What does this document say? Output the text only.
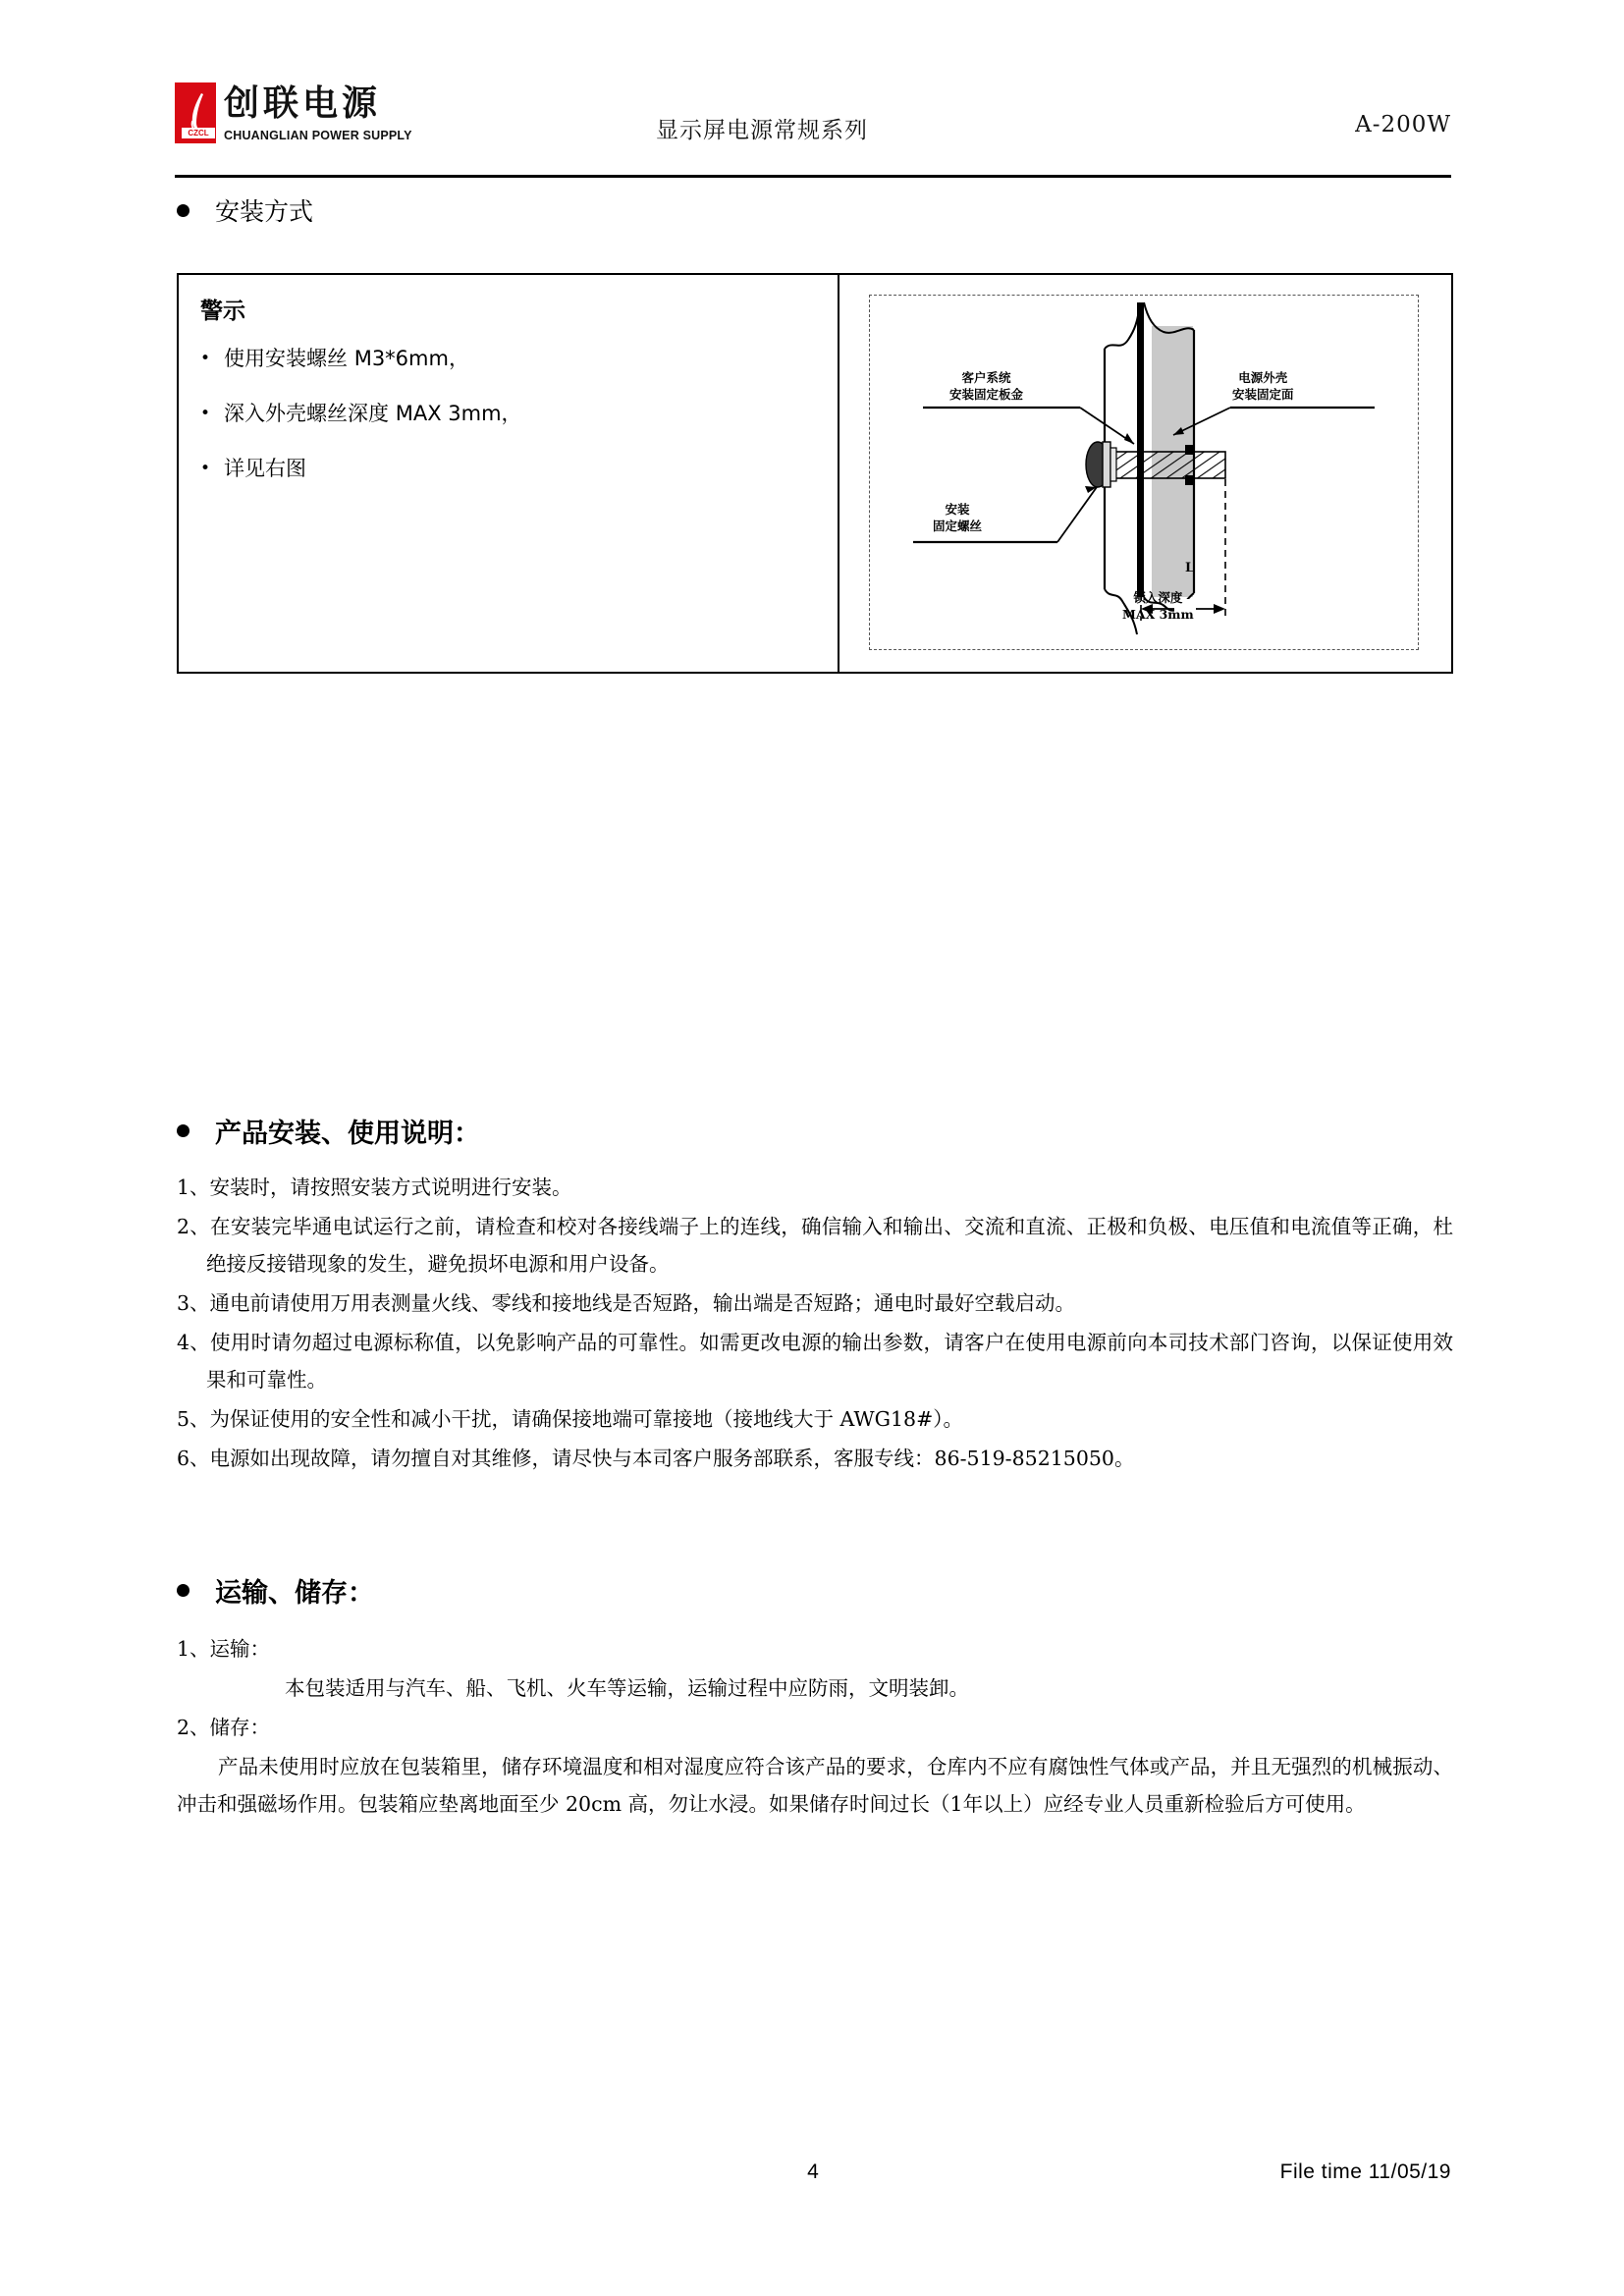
CZCL
创联电源
CHUANGLIAN POWER SUPPLY	显示屏电源常规系列	A-200W
安装方式
警示
• 使用安装螺丝 M3*6mm，
• 深入外壳螺丝深度 MAX 3mm，
• 详见右图
客户系统
安装固定板金
电源外壳
安装固定面
安装
固定螺丝
L
锁入深度
MAX 3mm
产品安装、使用说明：

1、安装时，请按照安装方式说明进行安装。

2、在安装完毕通电试运行之前，请检查和校对各接线端子上的连线，确信输入和输出、交流和直流、正极和负极、电压值和电流值等正确，杜绝接反接错现象的发生，避免损坏电源和用户设备。

3、通电前请使用万用表测量火线、零线和接地线是否短路，输出端是否短路；通电时最好空载启动。

4、使用时请勿超过电源标称值，以免影响产品的可靠性。如需更改电源的输出参数，请客户在使用电源前向本司技术部门咨询，以保证使用效果和可靠性。

5、为保证使用的安全性和减小干扰，请确保接地端可靠接地（接地线大于 AWG18#）。

6、电源如出现故障，请勿擅自对其维修，请尽快与本司客户服务部联系，客服专线：86-519-85215050。

运输、储存：

1、运输：

本包装适用与汽车、船、飞机、火车等运输，运输过程中应防雨，文明装卸。

2、储存：

产品未使用时应放在包装箱里，储存环境温度和相对湿度应符合该产品的要求，仓库内不应有腐蚀性气体或产品，并且无强烈的机械振动、冲击和强磁场作用。包装箱应垫离地面至少 20cm 高，勿让水浸。如果储存时间过长（1年以上）应经专业人员重新检验后方可使用。

4	File time 11/05/19
